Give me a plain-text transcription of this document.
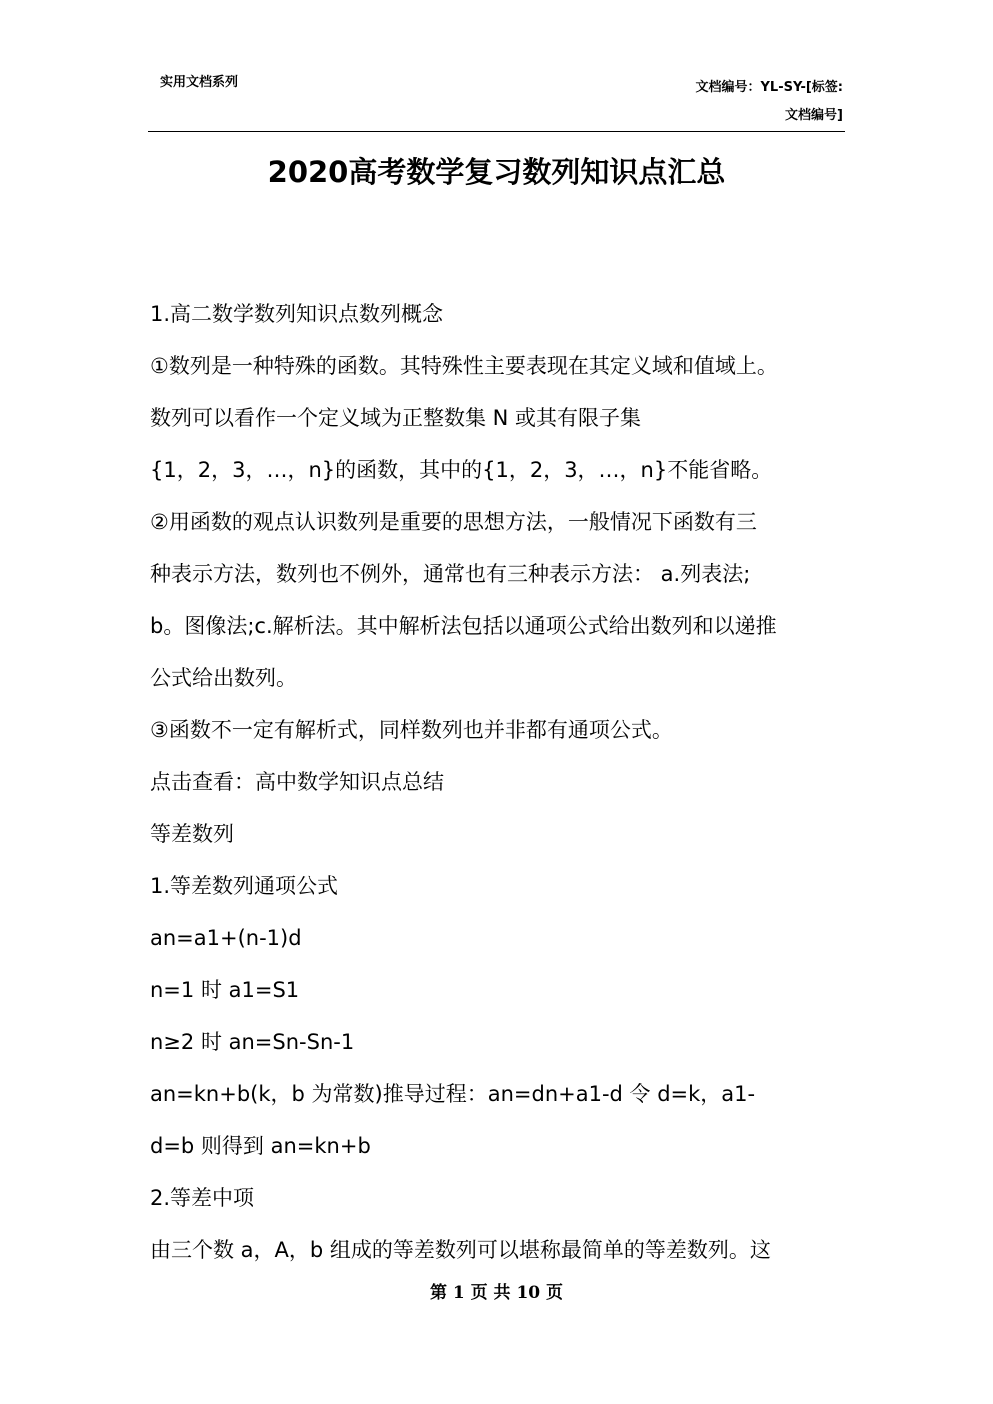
实用文档系列	文档编号：YL-SY-[标签:
文档编号]
2020高考数学复习数列知识点汇总
1.高二数学数列知识点数列概念
①数列是一种特殊的函数。其特殊性主要表现在其定义域和值域上。
数列可以看作一个定义域为正整数集 N 或其有限子集
{1，2，3，…，n}的函数，其中的{1，2，3，…，n}不能省略。
②用函数的观点认识数列是重要的思想方法，一般情况下函数有三
种表示方法，数列也不例外，通常也有三种表示方法： a.列表法;
b。图像法;c.解析法。其中解析法包括以通项公式给出数列和以递推
公式给出数列。
③函数不一定有解析式，同样数列也并非都有通项公式。
点击查看：高中数学知识点总结
等差数列
1.等差数列通项公式
an=a1+(n-1)d
n=1 时 a1=S1
n≥2 时 an=Sn-Sn-1
an=kn+b(k，b 为常数)推导过程：an=dn+a1-d 令 d=k，a1-
d=b 则得到 an=kn+b
2.等差中项
由三个数 a，A，b 组成的等差数列可以堪称最简单的等差数列。这
第 1 页 共 10 页
